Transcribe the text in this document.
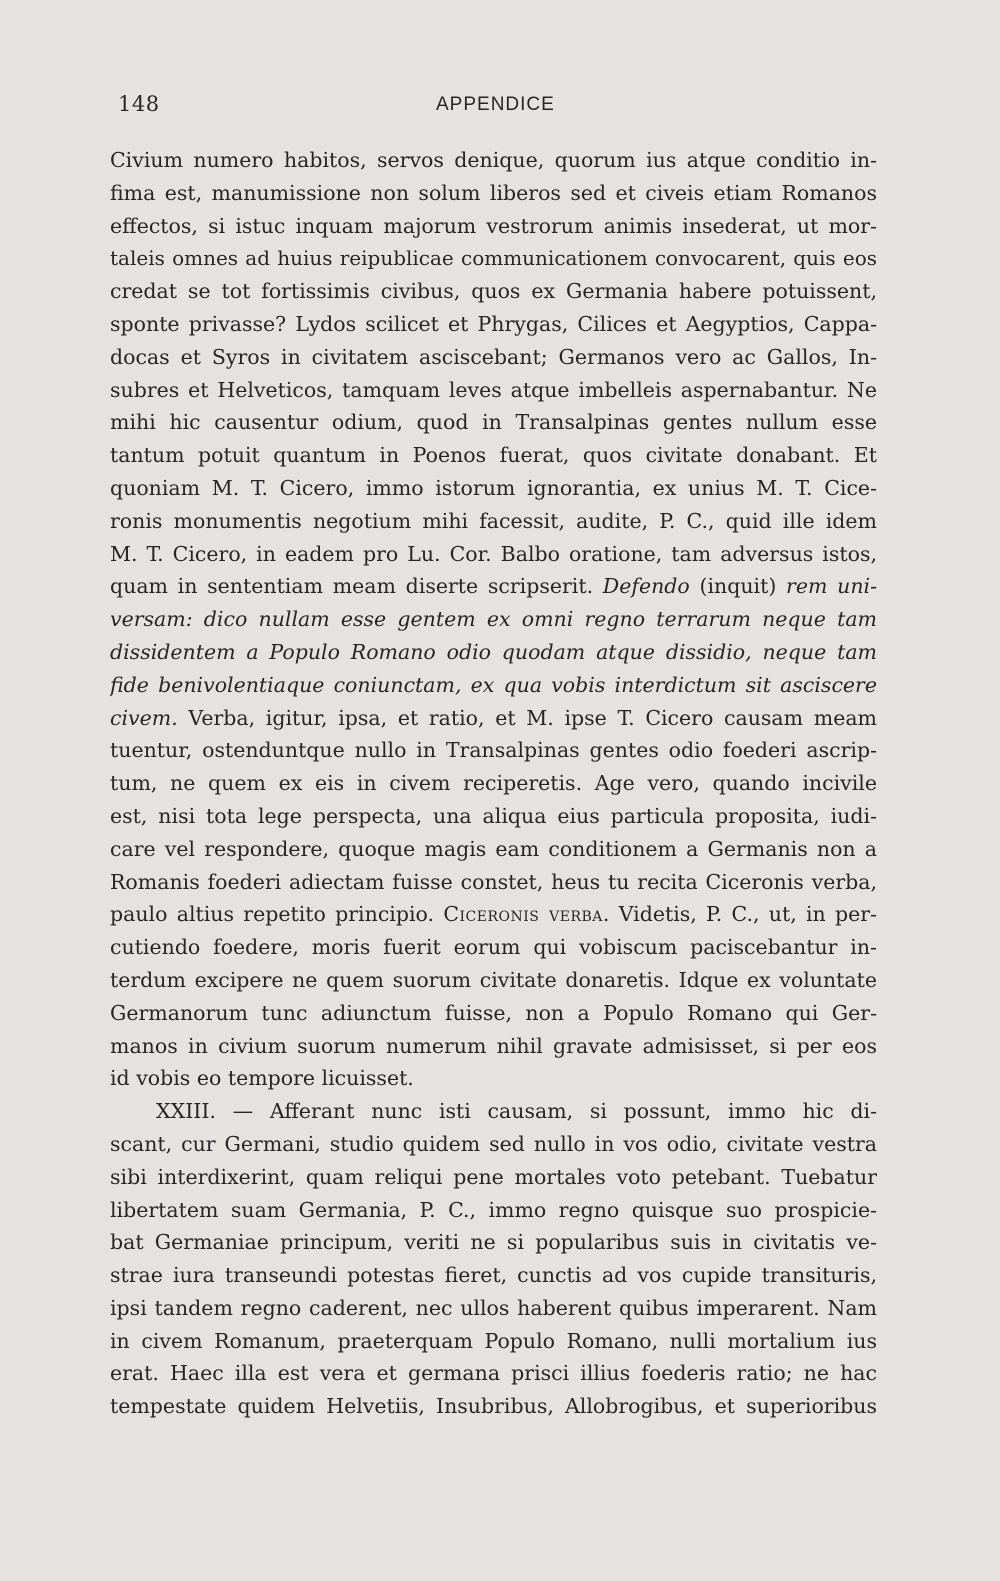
148	APPENDICE
Civium numero habitos, servos denique, quorum ius atque conditio in-
fima est, manumissione non solum liberos sed et civeis etiam Romanos
effectos, si istuc inquam majorum vestrorum animis insederat, ut mor-
taleis omnes ad huius reipublicae communicationem convocarent, quis eos
credat se tot fortissimis civibus, quos ex Germania habere potuissent,
sponte privasse? Lydos scilicet et Phrygas, Cilices et Aegyptios, Cappa-
docas et Syros in civitatem asciscebant; Germanos vero ac Gallos, In-
subres et Helveticos, tamquam leves atque imbelleis aspernabantur. Ne
mihi hic causentur odium, quod in Transalpinas gentes nullum esse
tantum potuit quantum in Poenos fuerat, quos civitate donabant. Et
quoniam M. T. Cicero, immo istorum ignorantia, ex unius M. T. Cice-
ronis monumentis negotium mihi facessit, audite, P. C., quid ille idem
M. T. Cicero, in eadem pro Lu. Cor. Balbo oratione, tam adversus istos,
quam in sententiam meam diserte scripserit. Defendo (inquit) rem uni-
versam: dico nullam esse gentem ex omni regno terrarum neque tam
dissidentem a Populo Romano odio quodam atque dissidio, neque tam
fide benivolentiaque coniunctam, ex qua vobis interdictum sit asciscere
civem. Verba, igitur, ipsa, et ratio, et M. ipse T. Cicero causam meam
tuentur, ostenduntque nullo in Transalpinas gentes odio foederi ascrip-
tum, ne quem ex eis in civem reciperetis. Age vero, quando incivile
est, nisi tota lege perspecta, una aliqua eius particula proposita, iudi-
care vel respondere, quoque magis eam conditionem a Germanis non a
Romanis foederi adiectam fuisse constet, heus tu recita Ciceronis verba,
paulo altius repetito principio. Ciceronis verba. Videtis, P. C., ut, in per-
cutiendo foedere, moris fuerit eorum qui vobiscum paciscebantur in-
terdum excipere ne quem suorum civitate donaretis. Idque ex voluntate
Germanorum tunc adiunctum fuisse, non a Populo Romano qui Ger-
manos in civium suorum numerum nihil gravate admisisset, si per eos
id vobis eo tempore licuisset.
XXIII. — Afferant nunc isti causam, si possunt, immo hic di-
scant, cur Germani, studio quidem sed nullo in vos odio, civitate vestra
sibi interdixerint, quam reliqui pene mortales voto petebant. Tuebatur
libertatem suam Germania, P. C., immo regno quisque suo prospicie-
bat Germaniae principum, veriti ne si popularibus suis in civitatis ve-
strae iura transeundi potestas fieret, cunctis ad vos cupide transituris,
ipsi tandem regno caderent, nec ullos haberent quibus imperarent. Nam
in civem Romanum, praeterquam Populo Romano, nulli mortalium ius
erat. Haec illa est vera et germana prisci illius foederis ratio; ne hac
tempestate quidem Helvetiis, Insubribus, Allobrogibus, et superioribus
